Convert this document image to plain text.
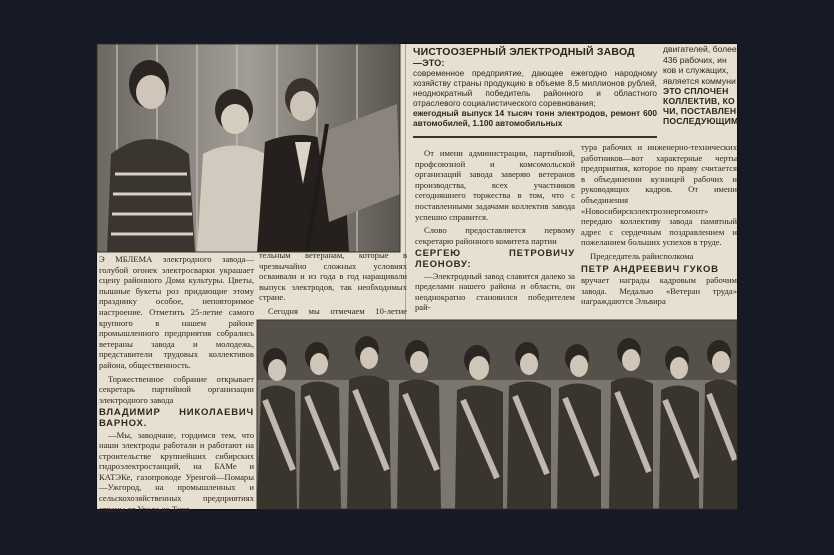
ЧИСТООЗЕРНЫЙ ЭЛЕКТРОДНЫЙ ЗАВОД
—ЭТО:
современное предприятие, дающее ежегодно народному хозяйству страны продукцию в объеме 8,5 миллионов рублей, неоднократный победитель районного и областного отраслевого социалистического соревнования;
ежегодный выпуск 14 тысяч тонн электродов, ремонт 600 автомобилей, 1.100 автомобильных
двигателей, более
436 рабочих, ин
ков и служащих,
является коммуни
ЭТО СПЛОЧЕН
КОЛЛЕКТИВ, КО
ЧИ, ПОСТАВЛЕН
ПОСЛЕДУЮЩИМ

От имени администрации, партийной, профсоюзной и комсомольской организаций завода заверяю ветеранов производства, всех участников сегодняшнего торжества в том, что с поставленными задачами коллектив завода успешно справится.

Слово предоставляется первому секретарю районного комитета партии

СЕРГЕЮ ПЕТРОВИЧУ ЛЕОНОВУ:

—Электродный завод славится далеко за пределами нашего района и области, он неоднократно становился победителем рай-

тура рабочих и инженерно-технических работников—вот характерные черты предприятия, которое по праву считается в объединении кузницей рабочих и руководящих кадров. От имени объединения «Новосибирскэлектроэнергомонт» передаю коллективу завода памятный адрес с сердечным поздравлением и пожеланием больших успехов в труде.

Председатель райисполкома

ПЕТР АНДРЕЕВИЧ ГУКОВ

вручает награды кадровым рабочим завода. Медалью «Ветеран труда» награждаются Эльвира

Э МБЛЕМА электродного завода—голубой огонек электросварки украшает сцену районного Дома культуры. Цветы, пышные букеты роз придающие этому празднику особое, неповторимое настроение. Отметить 25-летие самого крупного в нашем районе промышленного предприятия собрались ветераны завода и молодежь, представители трудовых коллективов района, общественность.

Торжественное собрание открывает секретарь партийной организации электродного завода

ВЛАДИМИР НИКОЛАЕВИЧ ВАРНОХ.

—Мы, заводчане, гордимся тем, что наши электроды работали и работают на строительстве крупнейших сибирских гидроэлектростанций, на БАМе и КАТЭКе, газопроводе Уренгой—Помары—Ужгород, на промышленных и сельскохозяйственных предприятиях страны от Урала до Тихо-

тельным ветеранам, которые в чрезвычайно сложных условиях осваивали и из года в год наращивали выпуск электродов, так необходимых стране.

Сегодня мы отмечаем 10-летие
